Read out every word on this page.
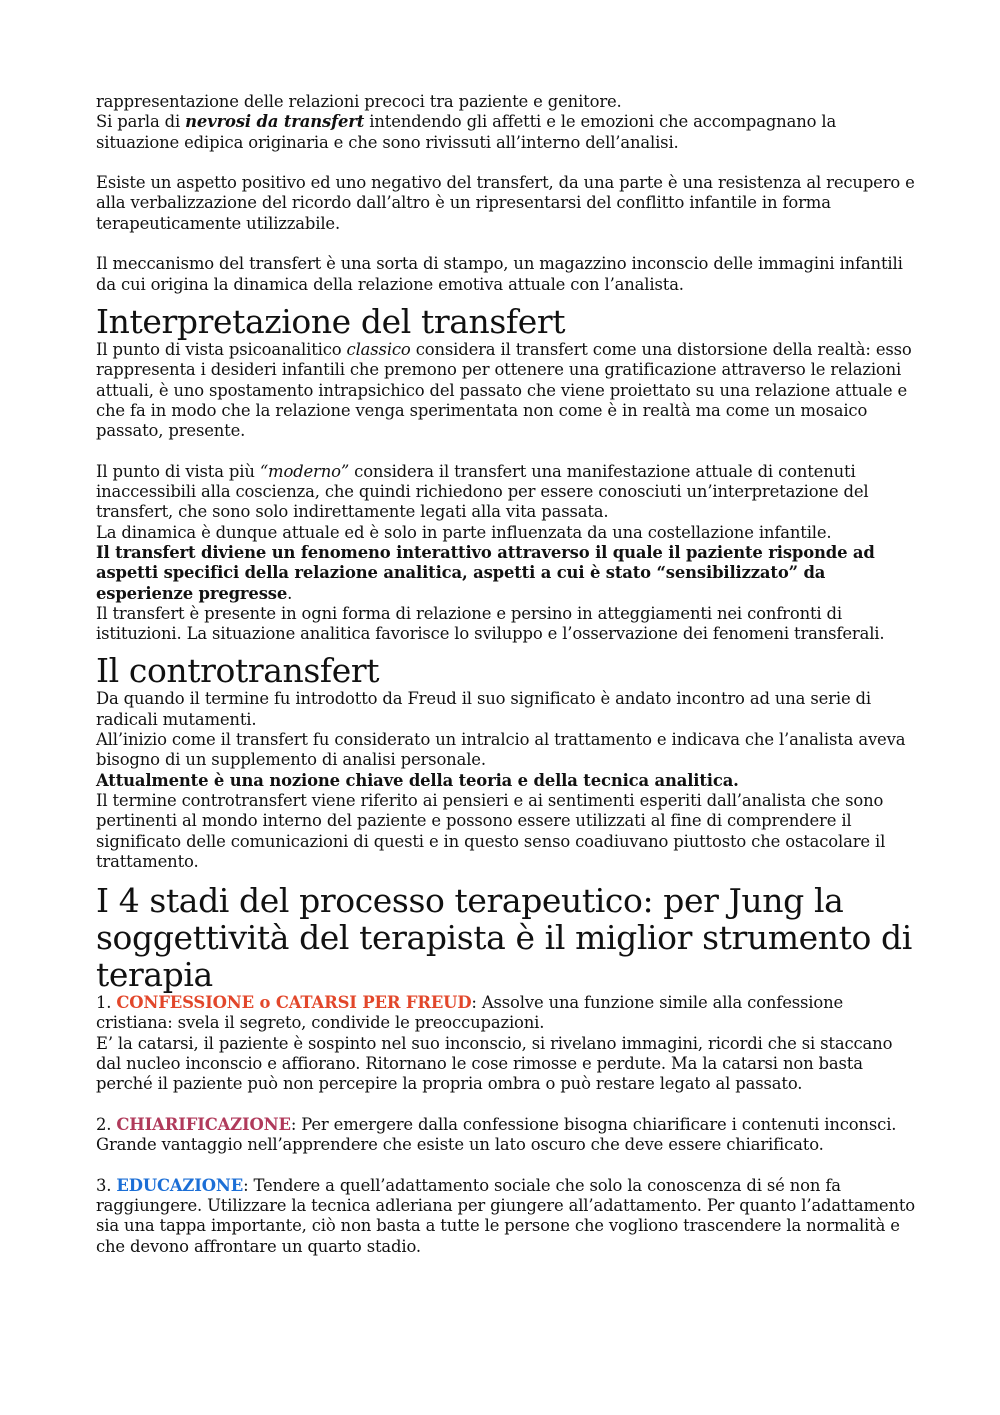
rappresentazione delle relazioni precoci tra paziente e genitore.

Si parla di nevrosi da transfert intendendo gli affetti e le emozioni che accompagnano la situazione edipica originaria e che sono rivissuti all’interno dell’analisi.

Esiste un aspetto positivo ed uno negativo del transfert, da una parte è una resistenza al recupero e alla verbalizzazione del ricordo dall’altro è un ripresentarsi del conflitto infantile in forma terapeuticamente utilizzabile.

Il meccanismo del transfert è una sorta di stampo, un magazzino inconscio delle immagini infantili da cui origina la dinamica della relazione emotiva attuale con l’analista.

Interpretazione del transfert

Il punto di vista psicoanalitico classico considera il transfert come una distorsione della realtà: esso rappresenta i desideri infantili che premono per ottenere una gratificazione attraverso le relazioni attuali, è uno spostamento intrapsichico del passato che viene proiettato su una relazione attuale e che fa in modo che la relazione venga sperimentata non come è in realtà ma come un mosaico passato, presente.

Il punto di vista più “moderno” considera il transfert una manifestazione attuale di contenuti inaccessibili alla coscienza, che quindi richiedono per essere conosciuti un’interpretazione del transfert, che sono solo indirettamente legati alla vita passata.

La dinamica è dunque attuale ed è solo in parte influenzata da una costellazione infantile.

Il transfert diviene un fenomeno interattivo attraverso il quale il paziente risponde ad aspetti specifici della relazione analitica, aspetti a cui è stato “sensibilizzato” da esperienze pregresse.

Il transfert è presente in ogni forma di relazione e persino in atteggiamenti nei confronti di istituzioni. La situazione analitica favorisce lo sviluppo e l’osservazione dei fenomeni transferali.

Il controtransfert

Da quando il termine fu introdotto da Freud il suo significato è andato incontro ad una serie di radicali mutamenti.

All’inizio come il transfert fu considerato un intralcio al trattamento e indicava che l’analista aveva bisogno di un supplemento di analisi personale.

Attualmente è una nozione chiave della teoria e della tecnica analitica.

Il termine controtransfert viene riferito ai pensieri e ai sentimenti esperiti dall’analista che sono pertinenti al mondo interno del paziente e possono essere utilizzati al fine di comprendere il significato delle comunicazioni di questi e in questo senso coadiuvano piuttosto che ostacolare il trattamento.

I 4 stadi del processo terapeutico: per Jung la soggettività del terapista è il miglior strumento di terapia

1. CONFESSIONE o CATARSI PER FREUD: Assolve una funzione simile alla confessione cristiana: svela il segreto, condivide le preoccupazioni.

E’ la catarsi, il paziente è sospinto nel suo inconscio, si rivelano immagini, ricordi che si staccano dal nucleo inconscio e affiorano. Ritornano le cose rimosse e perdute. Ma la catarsi non basta perché il paziente può non percepire la propria ombra o può restare legato al passato.

2. CHIARIFICAZIONE: Per emergere dalla confessione bisogna chiarificare i contenuti inconsci. Grande vantaggio nell’apprendere che esiste un lato oscuro che deve essere chiarificato.

3. EDUCAZIONE: Tendere a quell’adattamento sociale che solo la conoscenza di sé non fa raggiungere. Utilizzare la tecnica adleriana per giungere all’adattamento. Per quanto l’adattamento sia una tappa importante, ciò non basta a tutte le persone che vogliono trascendere la normalità e che devono affrontare un quarto stadio.
